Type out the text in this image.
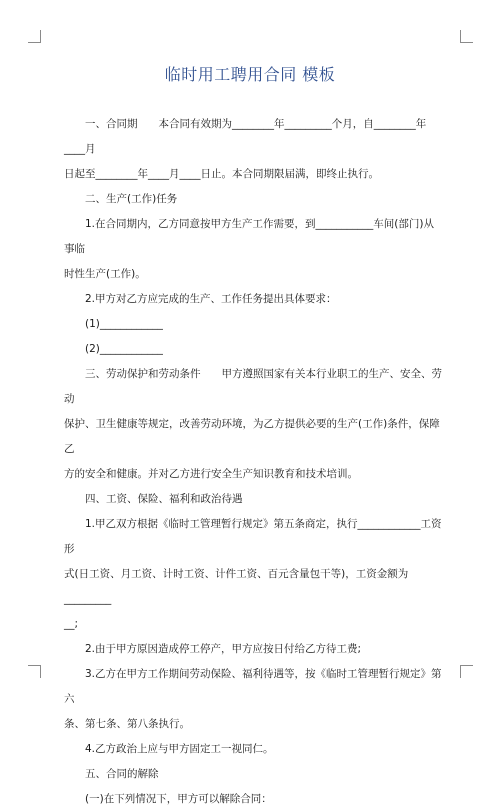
临时用工聘用合同 模板

一、合同期　　本合同有效期为________年_________个月，自________年____月

日起至________年____月____日止。本合同期限届满，即终止执行。

二、生产(工作)任务

1.在合同期内，乙方同意按甲方生产工作需要，到___________车间(部门)从事临

时性生产(工作)。

2.甲方对乙方应完成的生产、工作任务提出具体要求：

(1)____________

(2)____________

三、劳动保护和劳动条件　　甲方遵照国家有关本行业职工的生产、安全、劳动

保护、卫生健康等规定，改善劳动环境，为乙方提供必要的生产(工作)条件，保障乙

方的安全和健康。并对乙方进行安全生产知识教育和技术培训。

四、工资、保险、福利和政治待遇

1.甲乙双方根据《临时工管理暂行规定》第五条商定，执行____________工资形

式(日工资、月工资、计时工资、计件工资、百元含量包干等)，工资金额为_________

__;

2.由于甲方原因造成停工停产，甲方应按日付给乙方待工费;

3.乙方在甲方工作期间劳动保险、福利待遇等，按《临时工管理暂行规定》第六

条、第七条、第八条执行。

4.乙方政治上应与甲方固定工一视同仁。

五、合同的解除

(一)在下列情况下，甲方可以解除合同：
